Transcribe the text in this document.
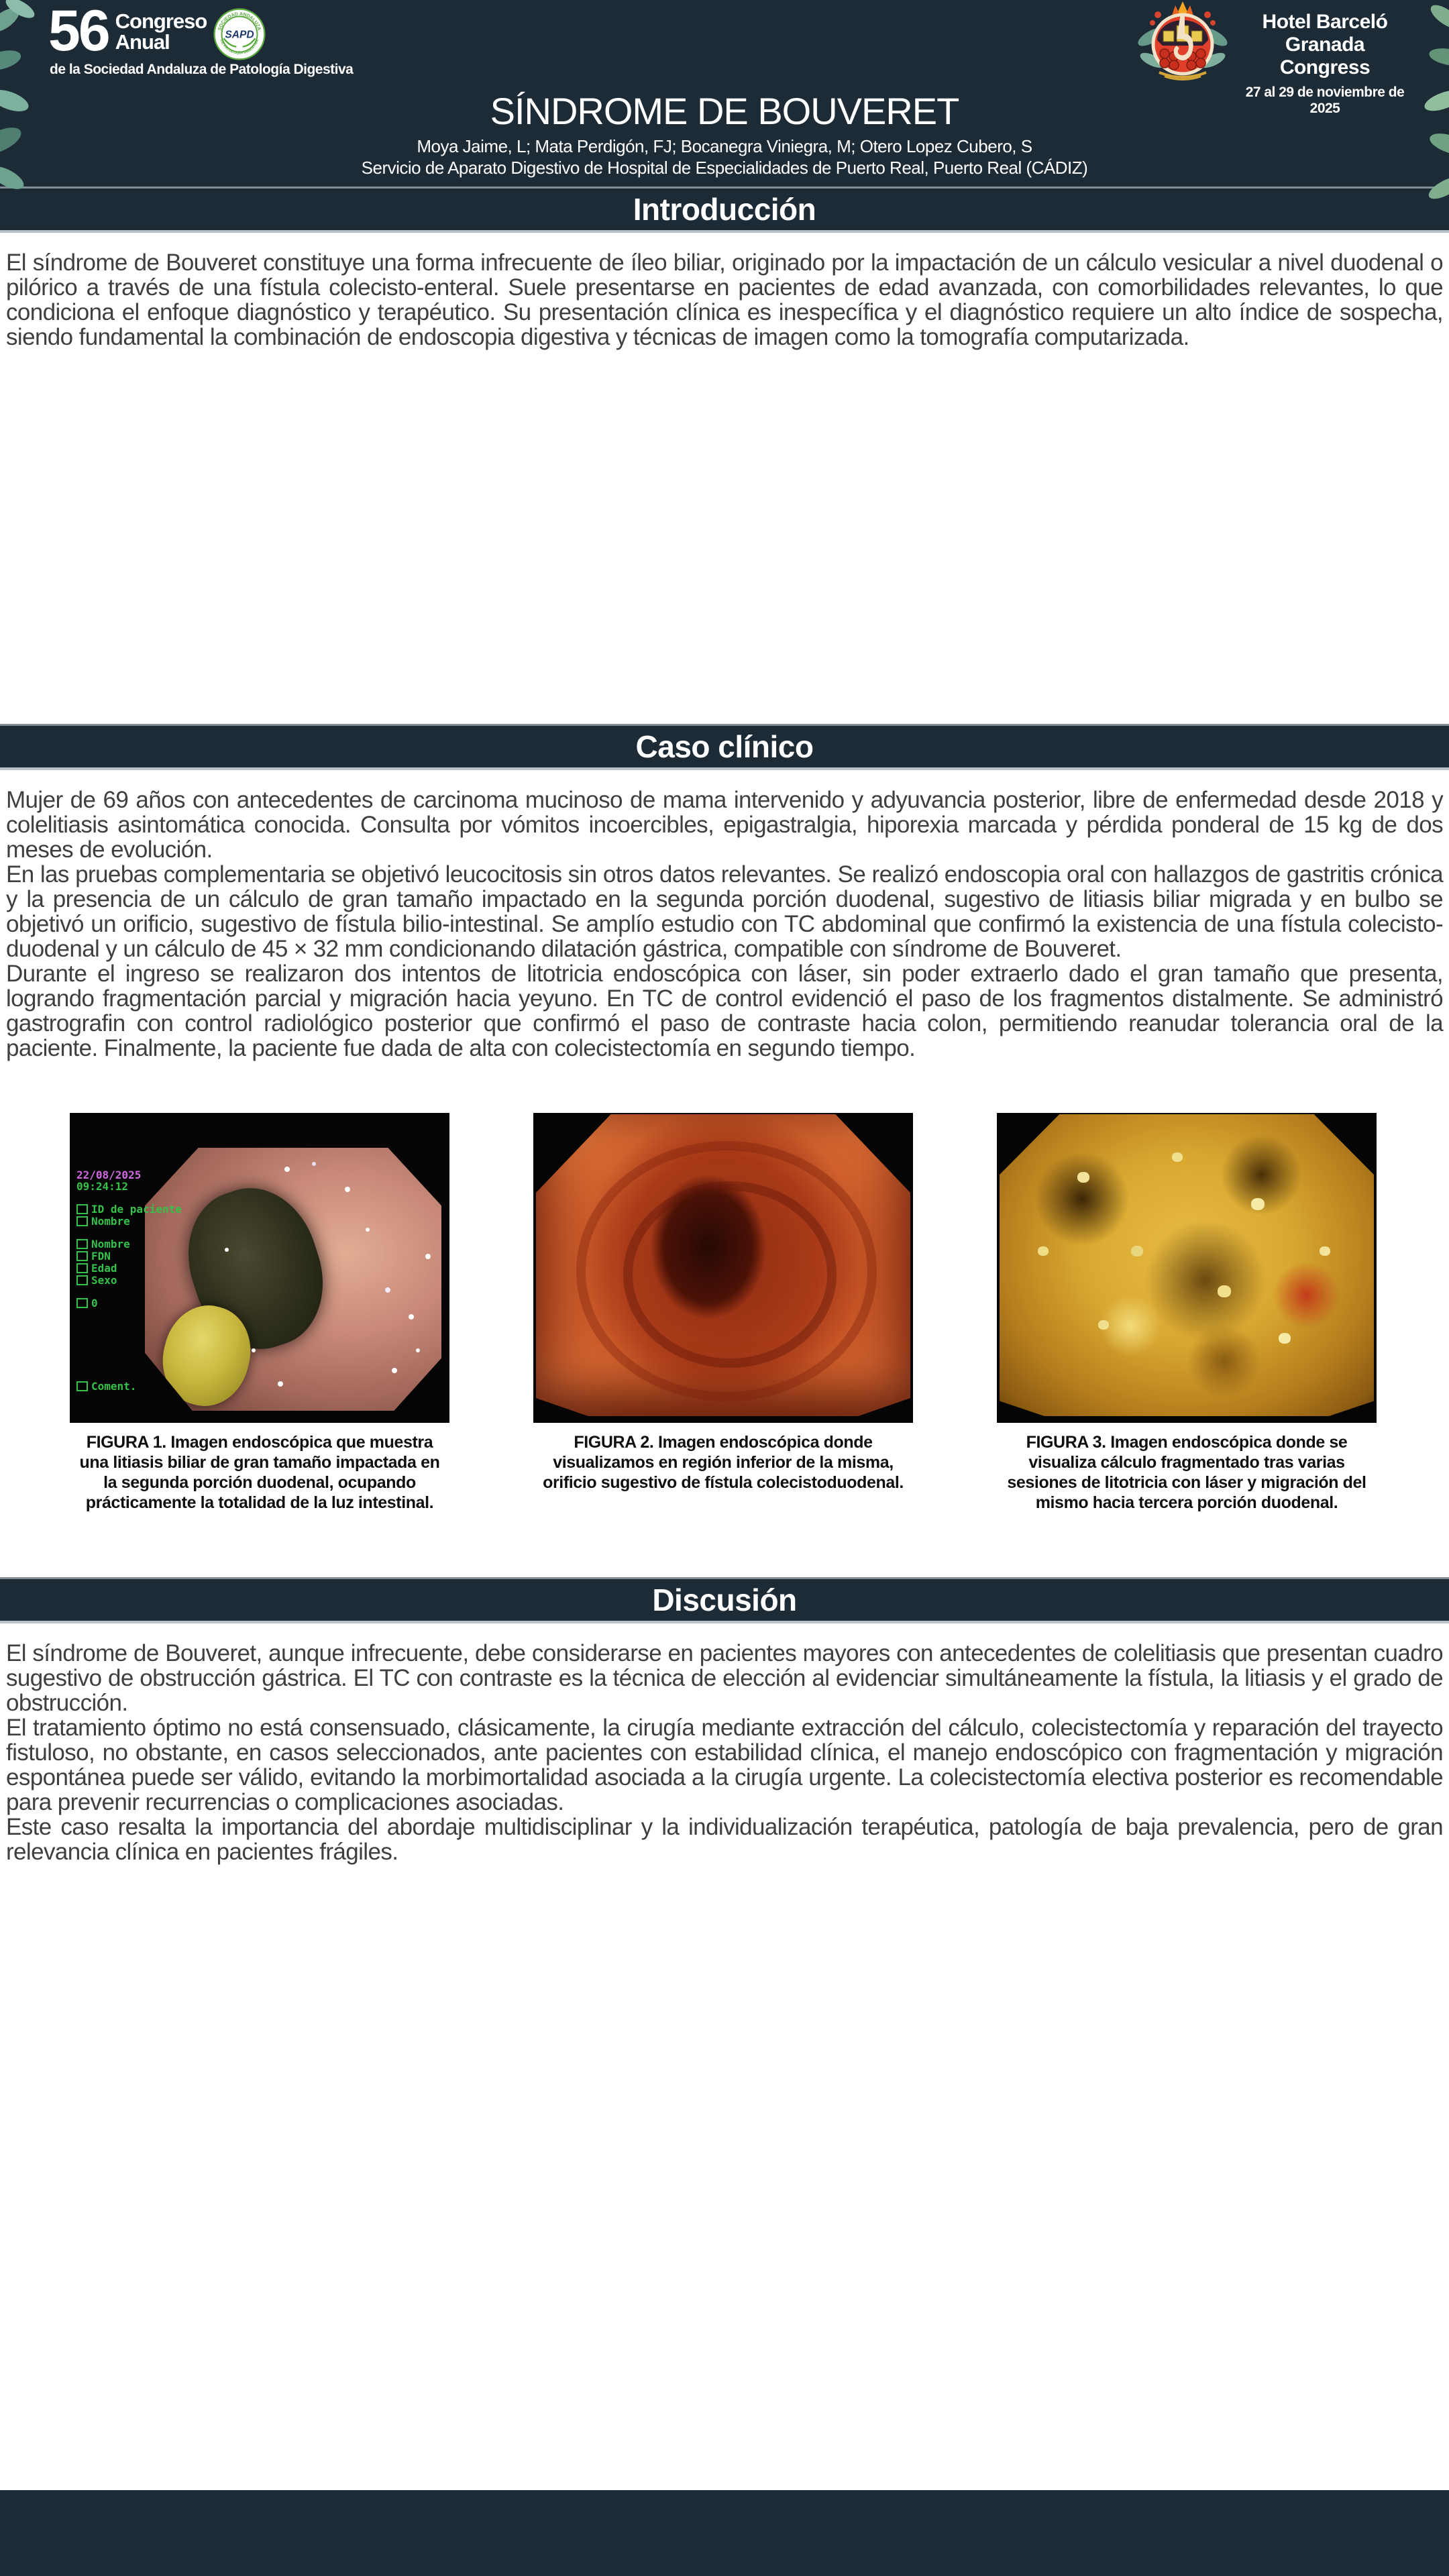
56 Congreso
Anual
de la Sociedad Andaluza de Patología Digestiva
SOCIEDAD ANDALUZA
DE PATOLOGÍA DIGESTIVA
SAPD
Hotel Barceló
Granada Congress
27 al 29 de noviembre de 2025
SÍNDROME DE BOUVERET
Moya Jaime, L; Mata Perdigón, FJ; Bocanegra Viniegra, M; Otero Lopez Cubero, S
Servicio de Aparato Digestivo de Hospital de Especialidades de Puerto Real, Puerto Real (CÁDIZ)
Introducción

El síndrome de Bouveret constituye una forma infrecuente de íleo biliar, originado por la impactación de un cálculo vesicular a nivel duodenal o pilórico a través de una fístula colecisto-enteral. Suele presentarse en pacientes de edad avanzada, con comorbilidades relevantes, lo que condiciona el enfoque diagnóstico y terapéutico. Su presentación clínica es inespecífica y el diagnóstico requiere un alto índice de sospecha, siendo fundamental la combinación de endoscopia digestiva y técnicas de imagen como la tomografía computarizada.

Caso clínico

Mujer de 69 años con antecedentes de carcinoma mucinoso de mama intervenido y adyuvancia posterior, libre de enfermedad desde 2018 y colelitiasis asintomática conocida. Consulta por vómitos incoercibles, epigastralgia, hiporexia marcada y pérdida ponderal de 15 kg de dos meses de evolución.

En las pruebas complementaria se objetivó leucocitosis sin otros datos relevantes. Se realizó endoscopia oral con hallazgos de gastritis crónica y la presencia de un cálculo de gran tamaño impactado en la segunda porción duodenal, sugestivo de litiasis biliar migrada y en bulbo se objetivó un orificio, sugestivo de fístula bilio-intestinal. Se amplío estudio con TC abdominal que confirmó la existencia de una fístula colecisto-duodenal y un cálculo de 45 × 32 mm condicionando dilatación gástrica, compatible con síndrome de Bouveret.

Durante el ingreso se realizaron dos intentos de litotricia endoscópica con láser, sin poder extraerlo dado el gran tamaño que presenta, logrando fragmentación parcial y migración hacia yeyuno. En TC de control evidenció el paso de los fragmentos distalmente. Se administró gastrografin con control radiológico posterior que confirmó el paso de contraste hacia colon, permitiendo reanudar tolerancia oral de la paciente. Finalmente, la paciente fue dada de alta con colecistectomía en segundo tiempo.

22/08/2025
09:24:12
ID de paciente
Nombre
Nombre
FDN
Edad
Sexo
0
Coment.
FIGURA 1. Imagen endoscópica que muestra una litiasis biliar de gran tamaño impactada en la segunda porción duodenal, ocupando prácticamente la totalidad de la luz intestinal.
FIGURA 2. Imagen endoscópica donde visualizamos en región inferior de la misma, orificio sugestivo de fístula colecistoduodenal.
FIGURA 3. Imagen endoscópica donde se visualiza cálculo fragmentado tras varias sesiones de litotricia con láser y migración del mismo hacia tercera porción duodenal.
Discusión

El síndrome de Bouveret, aunque infrecuente, debe considerarse en pacientes mayores con antecedentes de colelitiasis que presentan cuadro sugestivo de obstrucción gástrica. El TC con contraste es la técnica de elección al evidenciar simultáneamente la fístula, la litiasis y el grado de obstrucción.

El tratamiento óptimo no está consensuado, clásicamente, la cirugía mediante extracción del cálculo, colecistectomía y reparación del trayecto fistuloso, no obstante, en casos seleccionados, ante pacientes con estabilidad clínica, el manejo endoscópico con fragmentación y migración espontánea puede ser válido, evitando la morbimortalidad asociada a la cirugía urgente. La colecistectomía electiva posterior es recomendable para prevenir recurrencias o complicaciones asociadas.

Este caso resalta la importancia del abordaje multidisciplinar y la individualización terapéutica, patología de baja prevalencia, pero de gran relevancia clínica en pacientes frágiles.
